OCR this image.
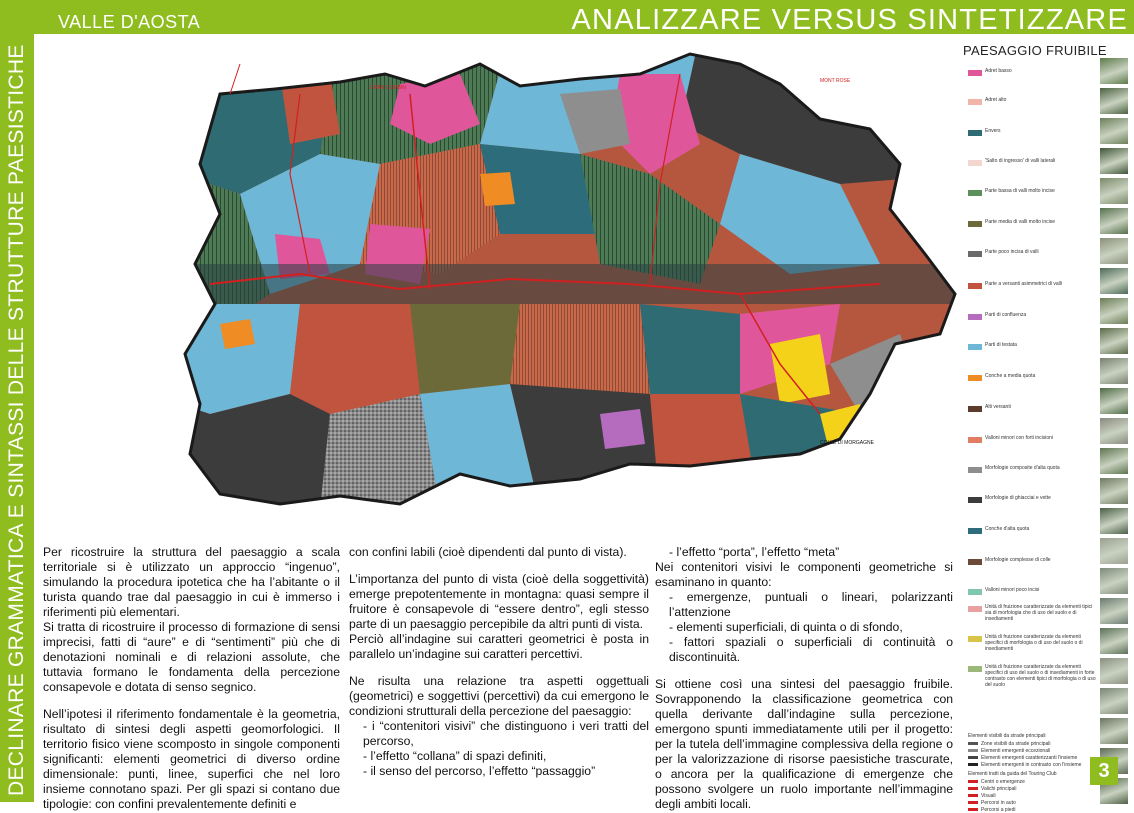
VALLE D'AOSTA	ANALIZZARE VERSUS SINTETIZZARE
DECLINARE GRAMMATICA E SINTASSI DELLE STRUTTURE PAESISTICHE	GRAN COMBIN
MONT ROSE
COLLE DI MORGAGNE
PAESAGGIO FRUIBILE
Adret basso
Adret alto
Envers
'Salto di ingresso' di valli laterali
Parte bassa di valli molto incise
Parte media di valli molto incise
Parte poco incisa di valli
Parte a versanti asimmetrici di valli
Parti di confluenza
Parti di testata
Conche a media quota
Alti versanti
Valloni minori con forti incisioni
Morfologie composite d'alta quota
Morfologie di ghiacciai e vette
Conche d'alta quota
Morfologie complesse di colle
Valloni minori poco incisi
Unità di fruizione caratterizzate da elementi tipici sia di morfologia che di uso del suolo e di insediamenti
Unità di fruizione caratterizzate da elementi specifici di morfologia o di uso del suolo o di insediamenti
Unità di fruizione caratterizzate da elementi specifici di uso del suolo o di insediamenti in forte contrasto con elementi tipici di morfologia o di uso del suolo
Elementi visibili da strade principali
Zone visibili da strade principali
Elementi emergenti eccezionali
Elementi emergenti caratterizzanti l'insieme
Elementi emergenti in contrasto con l'insieme
Elementi tratti da guida del Touring Club
Centri o emergenze
Valichi principali
Visuali
Percorsi in auto
Percorsi a piedi
3

Per ricostruire la struttura del paesaggio a scala territoriale si è utilizzato un approccio “ingenuo”, simulando la procedura ipotetica che ha l’abitante o il turista quando trae dal paesaggio in cui è immerso i riferimenti più elementari.

Si tratta di ricostruire il processo di formazione di sensi imprecisi, fatti di “aure” e di “sentimenti” più che di denotazioni nominali e di relazioni assolute, che tuttavia formano le fondamenta della percezione consapevole e dotata di senso segnico.

Nell’ipotesi il riferimento fondamentale è la geometria, risultato di sintesi degli aspetti geomorfologici. Il territorio fisico viene scomposto in singole componenti significanti: elementi geometrici di diverso ordine dimensionale: punti, linee, superfici che nel loro insieme connotano spazi. Per gli spazi si contano due tipologie: con confini prevalentemente definiti e

con confini labili (cioè dipendenti dal punto di vista).

L’importanza del punto di vista (cioè della soggettività) emerge prepotentemente in montagna: quasi sempre il fruitore è consapevole di “essere dentro”, egli stesso parte di un paesaggio percepibile da altri punti di vista.

Perciò all’indagine sui caratteri geometrici è posta in parallelo un’indagine sui caratteri percettivi.

Ne risulta una relazione tra aspetti oggettuali (geometrici) e soggettivi (percettivi) da cui emergono le condizioni strutturali della percezione del paesaggio:

- i “contenitori visivi” che distinguono i veri tratti del percorso,

- l’effetto “collana” di spazi definiti,

- il senso del percorso, l’effetto “passaggio”

- l’effetto “porta”, l’effetto “meta”

Nei contenitori visivi le componenti geometriche si esaminano in quanto:

- emergenze, puntuali o lineari, polarizzanti l’attenzione

- elementi superficiali, di quinta o di sfondo,

- fattori spaziali o superficiali di continuità o discontinuità.

Si ottiene così una sintesi del paesaggio fruibile. Sovrapponendo la classificazione geometrica con quella derivante dall’indagine sulla percezione, emergono spunti immediatamente utili per il progetto: per la tutela dell’immagine complessiva della regione o per la valorizzazione di risorse paesistiche trascurate, o ancora per la qualificazione di emergenze che possono svolgere un ruolo importante nell’immagine degli ambiti locali.
